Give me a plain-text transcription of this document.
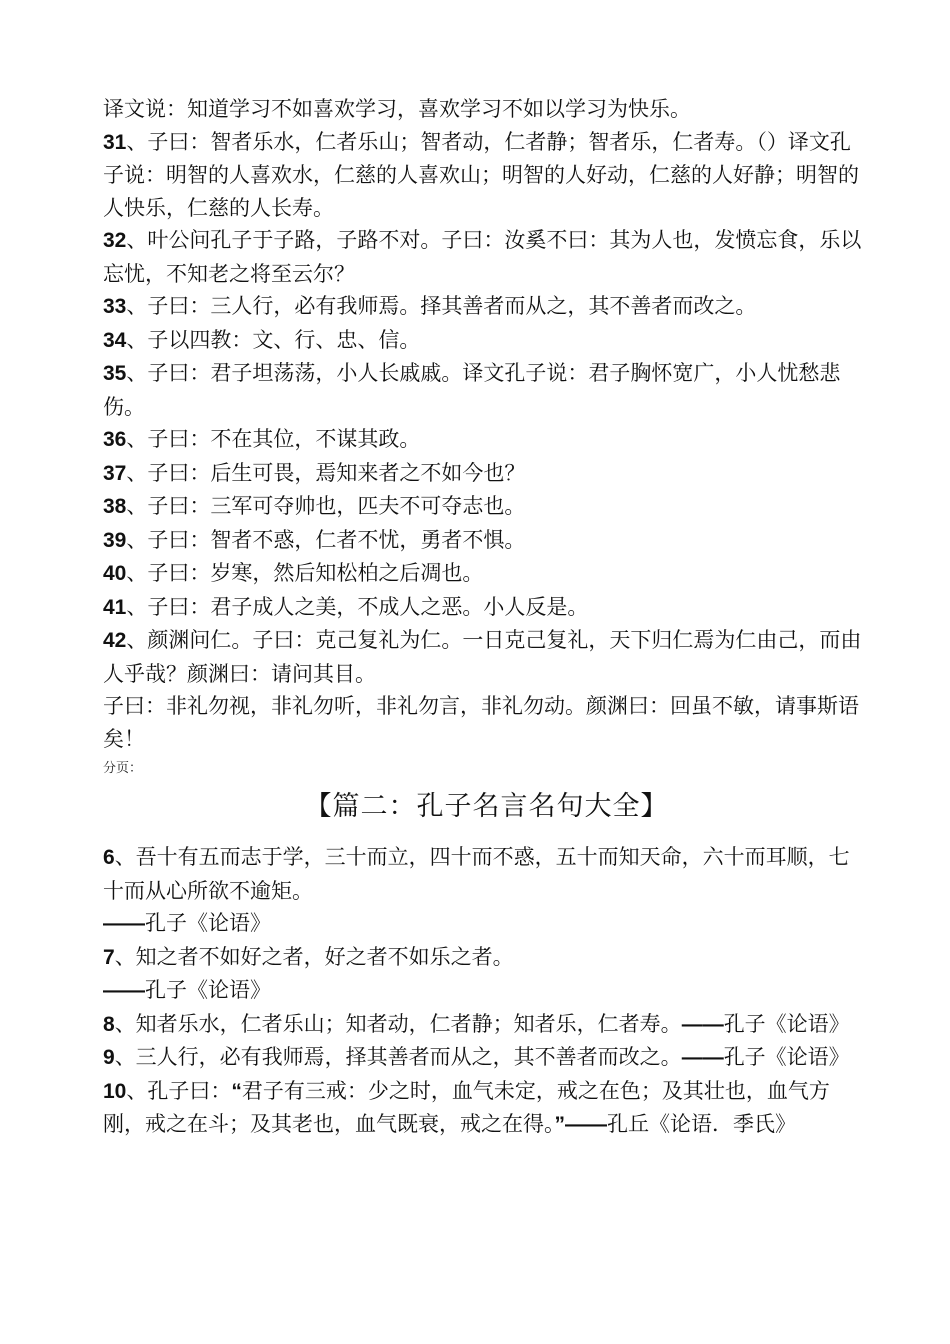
译文说：知道学习不如喜欢学习，喜欢学习不如以学习为快乐。

31、子曰：智者乐水，仁者乐山；智者动，仁者静；智者乐，仁者寿。（）译文孔子说：明智的人喜欢水，仁慈的人喜欢山；明智的人好动，仁慈的人好静；明智的人快乐，仁慈的人长寿。

32、叶公问孔子于子路，子路不对。子曰：汝奚不曰：其为人也，发愤忘食，乐以忘忧，不知老之将至云尔？

33、子曰：三人行，必有我师焉。择其善者而从之，其不善者而改之。

34、子以四教：文、行、忠、信。

35、子曰：君子坦荡荡，小人长戚戚。译文孔子说：君子胸怀宽广，小人忧愁悲伤。

36、子曰：不在其位，不谋其政。

37、子曰：后生可畏，焉知来者之不如今也？

38、子曰：三军可夺帅也，匹夫不可夺志也。

39、子曰：智者不惑，仁者不忧，勇者不惧。

40、子曰：岁寒，然后知松柏之后凋也。

41、子曰：君子成人之美，不成人之恶。小人反是。

42、颜渊问仁。子曰：克己复礼为仁。一日克己复礼，天下归仁焉为仁由己，而由人乎哉？颜渊曰：请问其目。

子曰：非礼勿视，非礼勿听，非礼勿言，非礼勿动。颜渊曰：回虽不敏，请事斯语矣！

分页：
【篇二：孔子名言名句大全】

6、吾十有五而志于学，三十而立，四十而不惑，五十而知天命，六十而耳顺，七十而从心所欲不逾矩。

——孔子《论语》

7、知之者不如好之者，好之者不如乐之者。

——孔子《论语》

8、知者乐水，仁者乐山；知者动，仁者静；知者乐，仁者寿。——孔子《论语》

9、三人行，必有我师焉，择其善者而从之，其不善者而改之。——孔子《论语》

10、孔子曰：“君子有三戒：少之时，血气未定，戒之在色；及其壮也，血气方刚，戒之在斗；及其老也，血气既衰，戒之在得。”——孔丘《论语．季氏》
